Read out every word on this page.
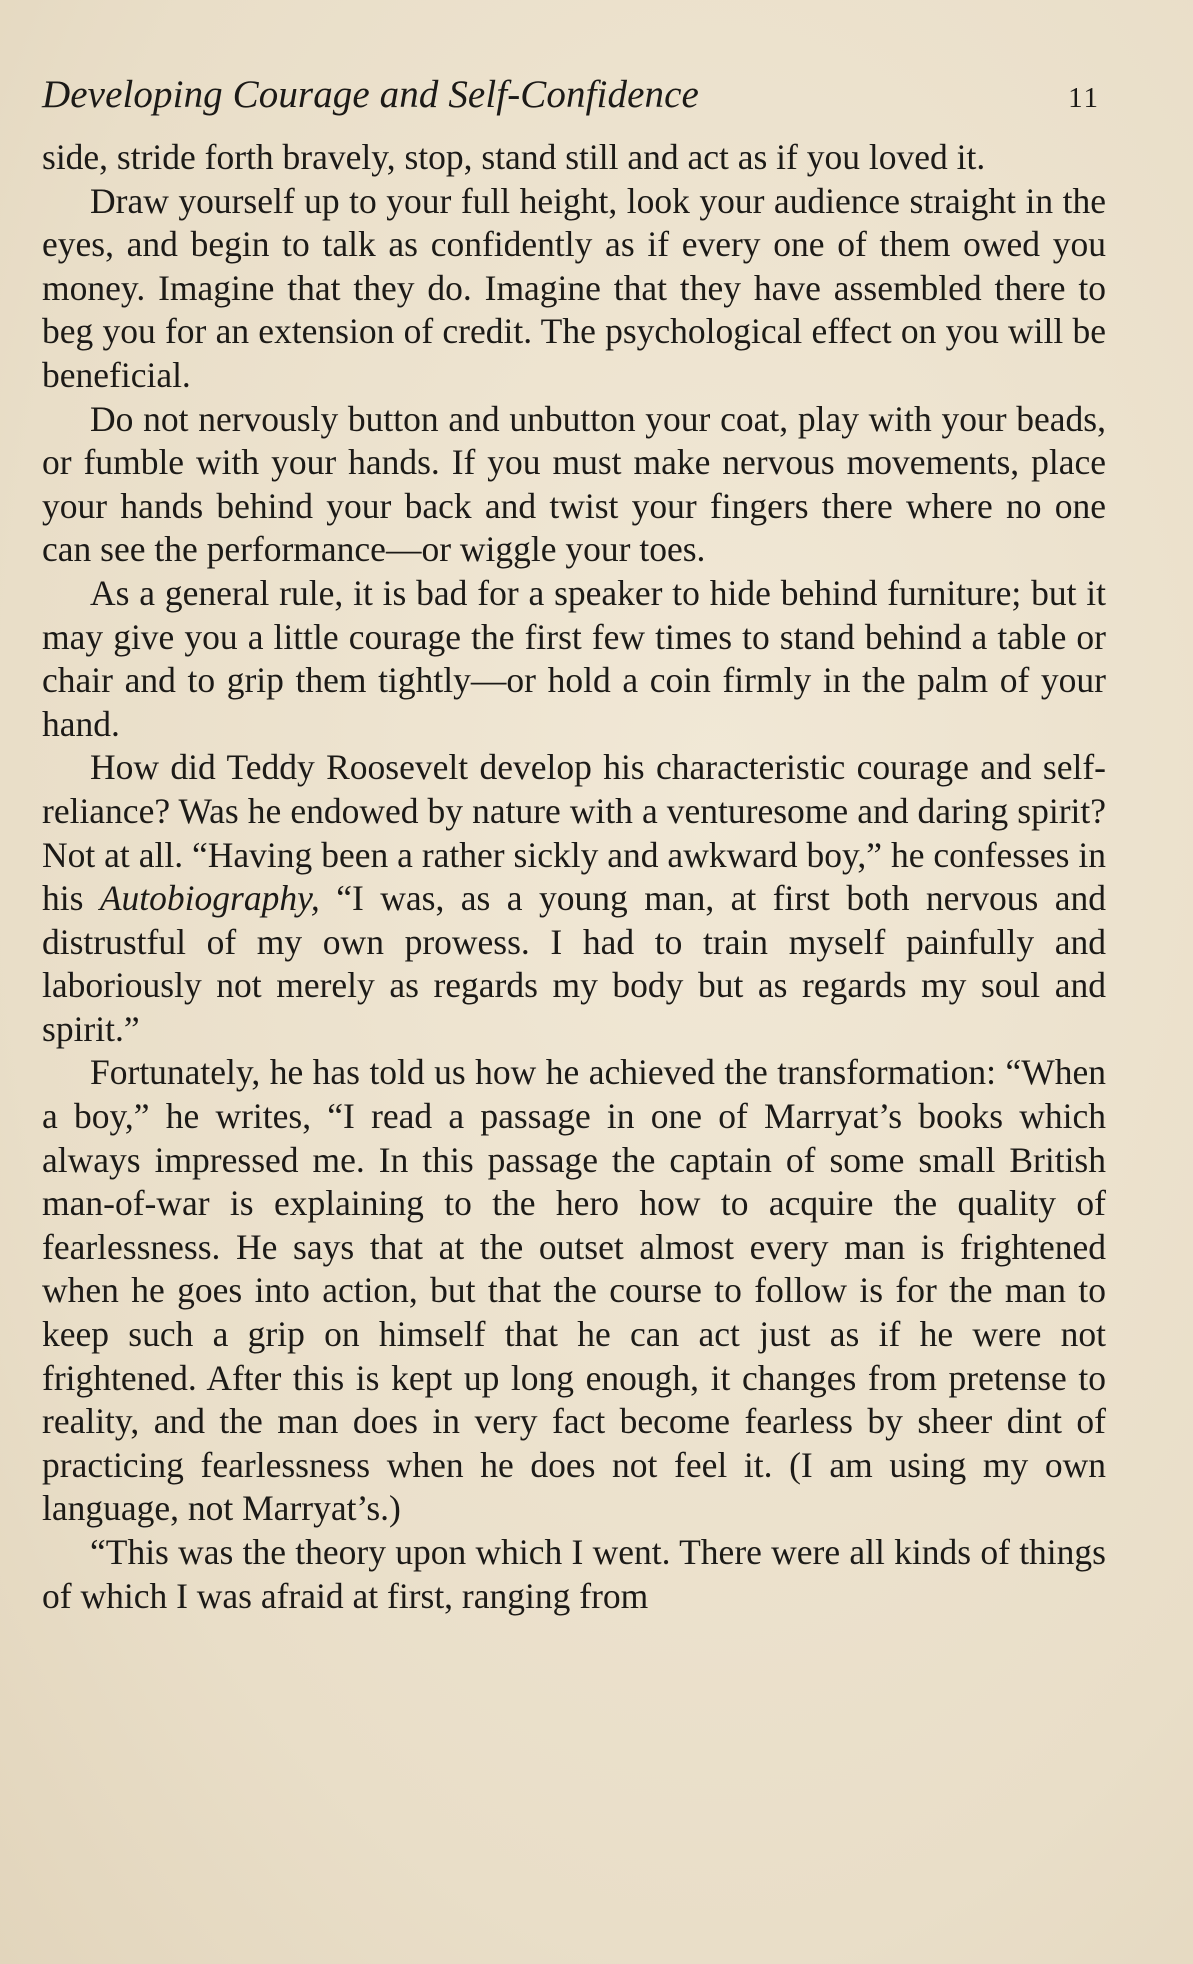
Developing Courage and Self-Confidence	11

side, stride forth bravely, stop, stand still and act as if you loved it.

Draw yourself up to your full height, look your audience straight in the eyes, and begin to talk as confidently as if every one of them owed you money. Imagine that they do. Imagine that they have assembled there to beg you for an extension of credit. The psychological effect on you will be beneficial.

Do not nervously button and unbutton your coat, play with your beads, or fumble with your hands. If you must make nervous movements, place your hands behind your back and twist your fingers there where no one can see the performance—or wiggle your toes.

As a general rule, it is bad for a speaker to hide behind furniture; but it may give you a little courage the first few times to stand behind a table or chair and to grip them tightly—or hold a coin firmly in the palm of your hand.

How did Teddy Roosevelt develop his characteristic courage and self-reliance? Was he endowed by nature with a venturesome and daring spirit? Not at all. “Having been a rather sickly and awkward boy,” he confesses in his Autobiography, “I was, as a young man, at first both nervous and distrustful of my own prowess. I had to train myself painfully and laboriously not merely as regards my body but as regards my soul and spirit.”

Fortunately, he has told us how he achieved the transformation: “When a boy,” he writes, “I read a passage in one of Marryat’s books which always impressed me. In this passage the captain of some small British man-of-war is explaining to the hero how to acquire the quality of fearlessness. He says that at the outset almost every man is frightened when he goes into action, but that the course to follow is for the man to keep such a grip on himself that he can act just as if he were not frightened. After this is kept up long enough, it changes from pretense to reality, and the man does in very fact become fearless by sheer dint of practicing fearlessness when he does not feel it. (I am using my own language, not Marryat’s.)

“This was the theory upon which I went. There were all kinds of things of which I was afraid at first, ranging from
